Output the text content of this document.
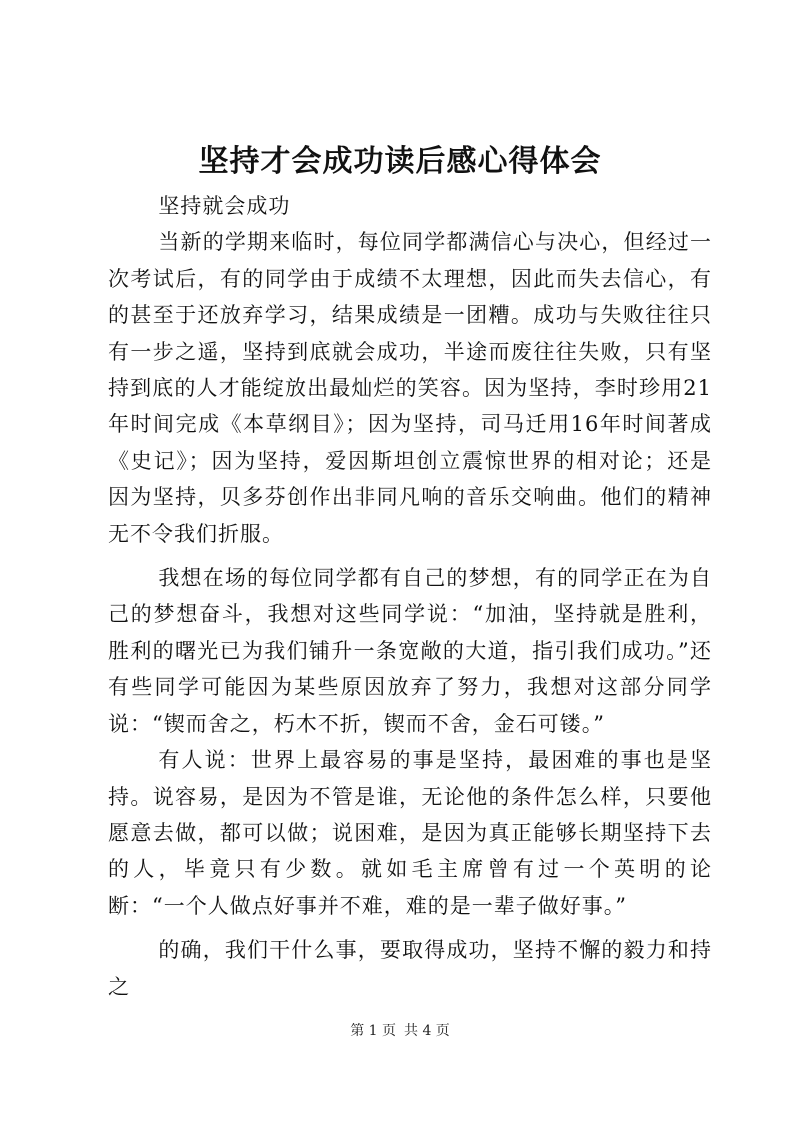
坚持才会成功读后感心得体会

坚持就会成功

当新的学期来临时，每位同学都满信心与决心，但经过一次考试后，有的同学由于成绩不太理想，因此而失去信心，有的甚至于还放弃学习，结果成绩是一团糟。成功与失败往往只有一步之遥，坚持到底就会成功，半途而废往往失败，只有坚持到底的人才能绽放出最灿烂的笑容。因为坚持，李时珍用21年时间完成《本草纲目》；因为坚持，司马迁用16年时间著成《史记》；因为坚持，爱因斯坦创立震惊世界的相对论；还是因为坚持，贝多芬创作出非同凡响的音乐交响曲。他们的精神无不令我们折服。

我想在场的每位同学都有自己的梦想，有的同学正在为自己的梦想奋斗，我想对这些同学说：“加油，坚持就是胜利，胜利的曙光已为我们铺升一条宽敞的大道，指引我们成功。”还有些同学可能因为某些原因放弃了努力，我想对这部分同学说：“锲而舍之，朽木不折，锲而不舍，金石可镂。”

有人说：世界上最容易的事是坚持，最困难的事也是坚持。说容易，是因为不管是谁，无论他的条件怎么样，只要他愿意去做，都可以做；说困难，是因为真正能够长期坚持下去的人，毕竟只有少数。就如毛主席曾有过一个英明的论断：“一个人做点好事并不难，难的是一辈子做好事。”

的确，我们干什么事，要取得成功，坚持不懈的毅力和持之

第 1 页 共 4 页
